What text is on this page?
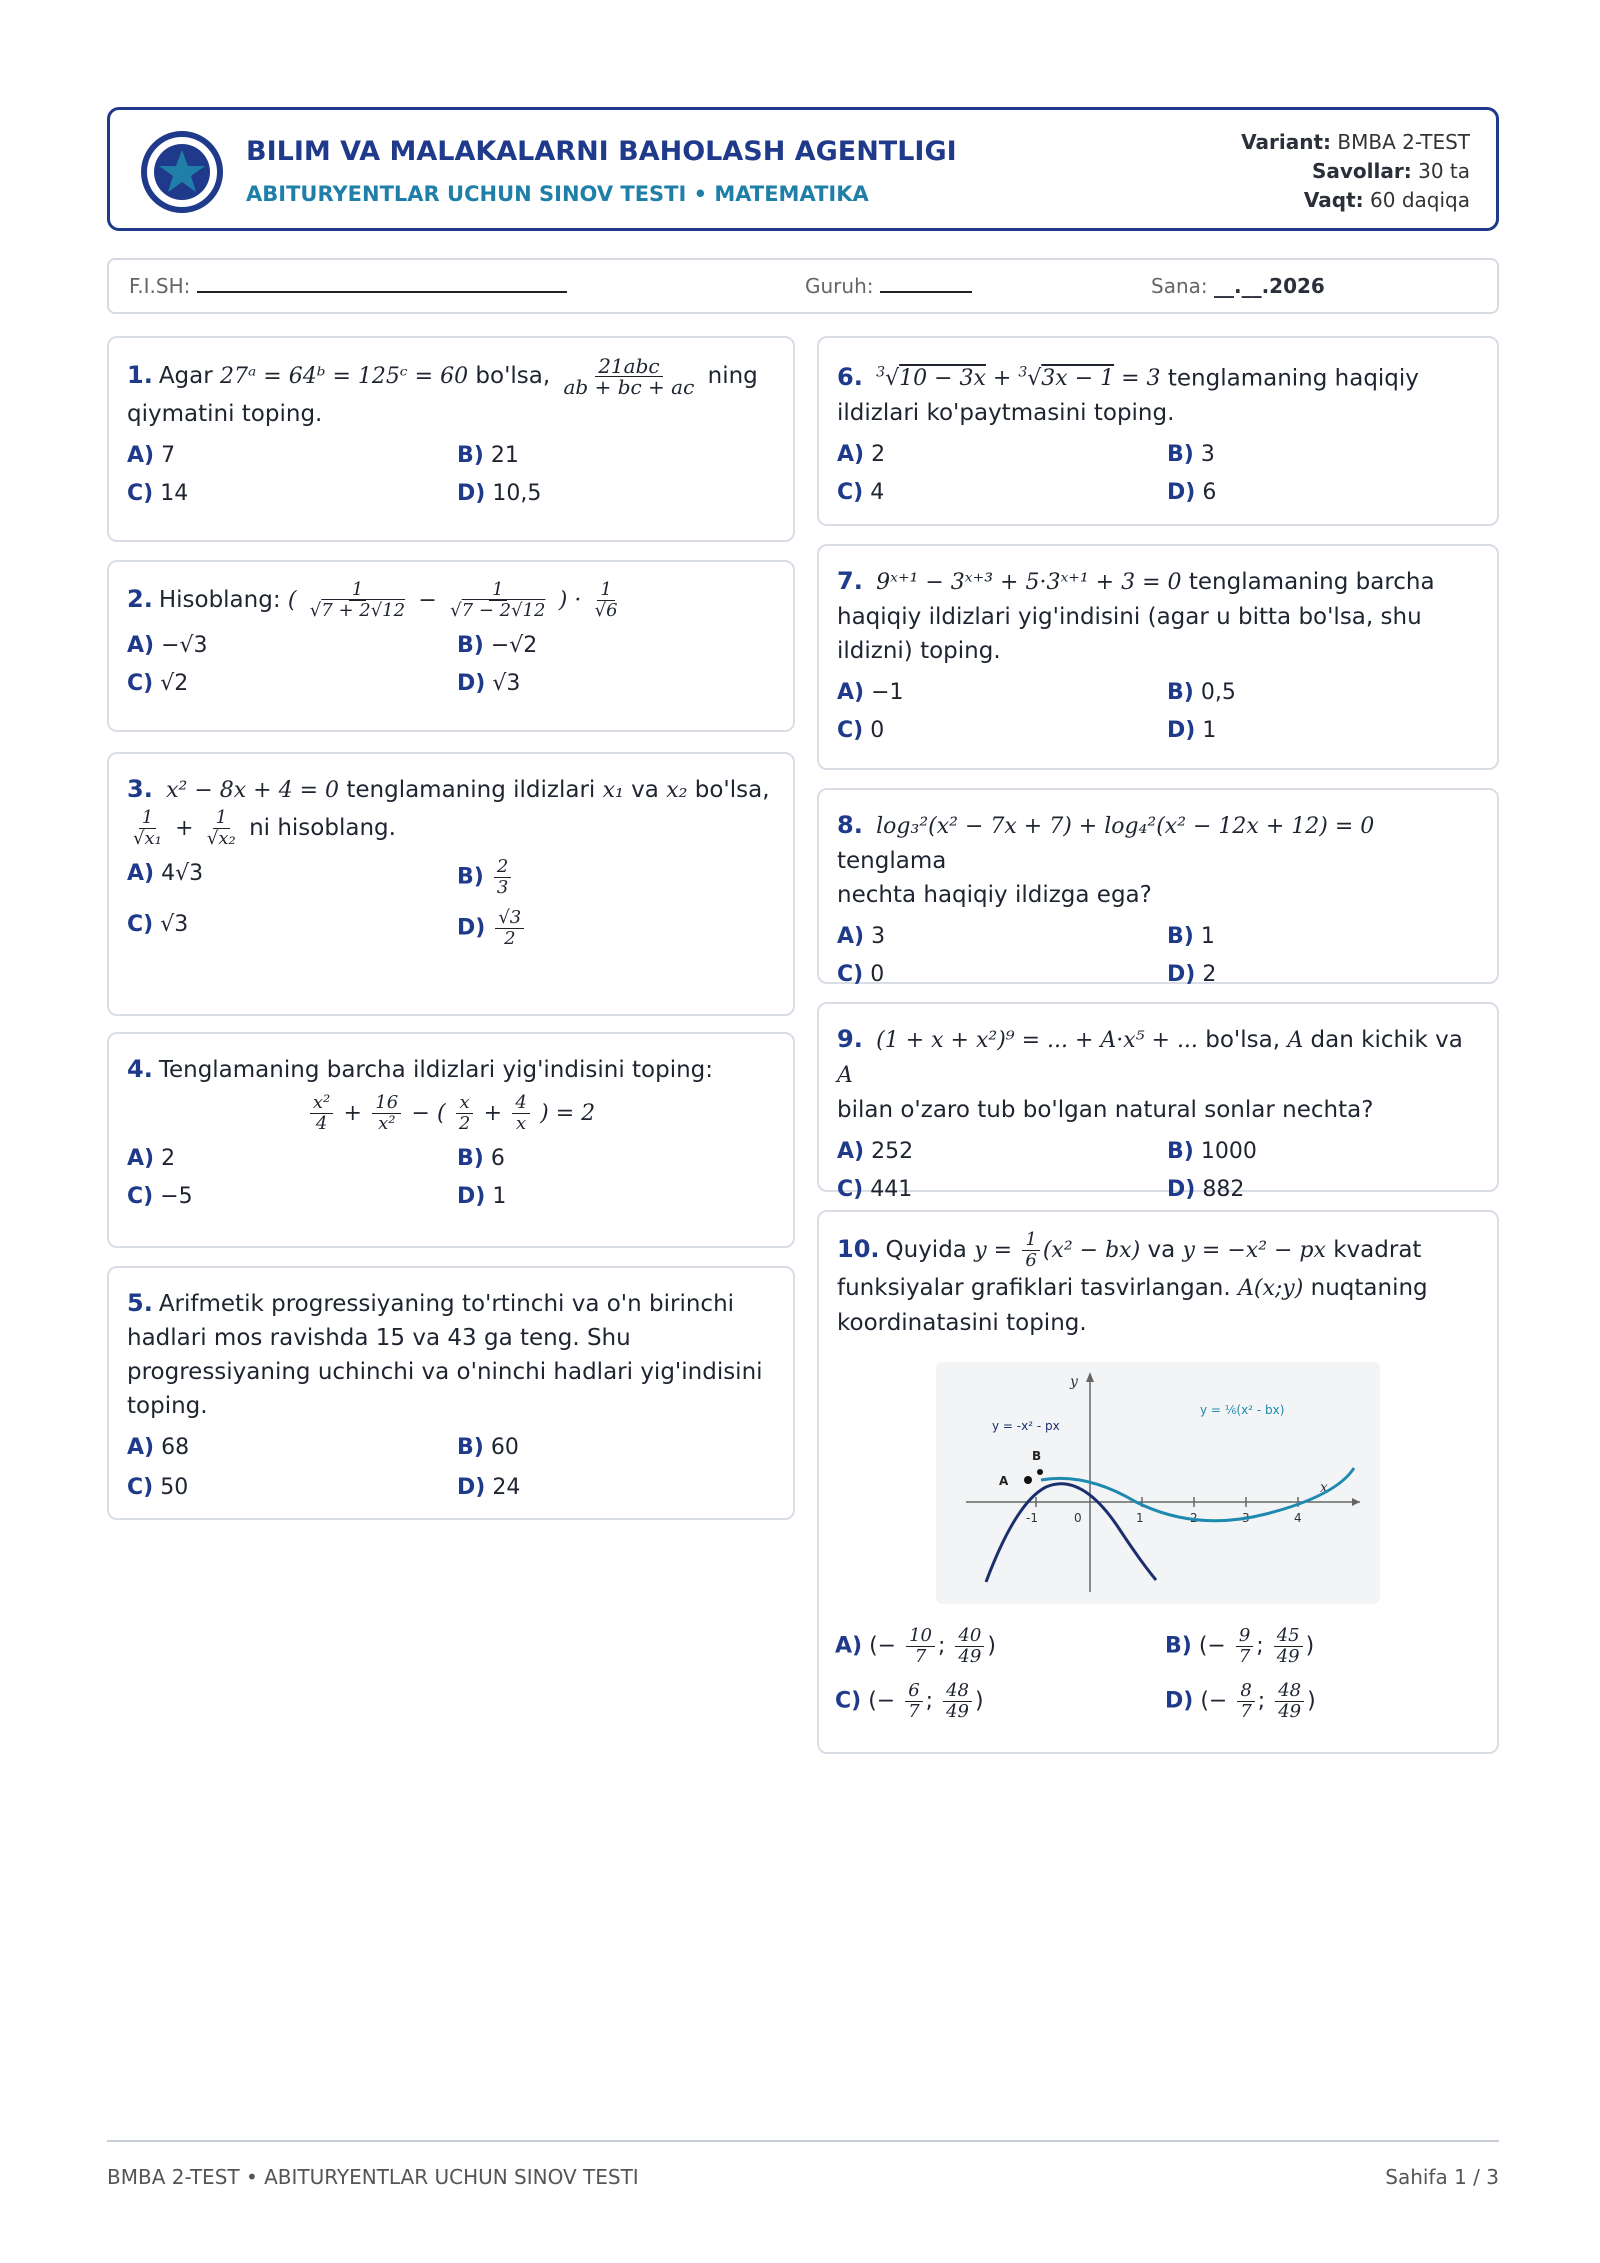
BILIM VA MALAKALARNI BAHOLASH AGENTLIGI
ABITURYENTLAR UCHUN SINOV TESTI • MATEMATIKA
Variant: BMBA 2-TEST
Savollar: 30 ta
Vaqt: 60 daqiqa
F.I.SH:	Guruh:	Sana: __.__.2026
1. Agar 27ᵃ = 64ᵇ = 125ᶜ = 60 bo'lsa, $\frac{\text{21abc}}{ab + bc + ac}$ ning
qiymatini toping.
A) 7	B) 21
C) 14	D) 10,5
2. Hisoblang: ( $\frac{1}{√7 + 2√12} - \frac{1}{√7 - 2√12}$ ) · $\frac{1}{√6}$
A) −√3	B) −√2
C) √2	D) √3
3. x² − 8x + 4 = 0 tenglamaning ildizlari x₁ va x₂ bo'lsa,

$\frac{1}{\text{√x₁}} + \frac{1}{\text{√x₂}}$ ni hisoblang.
A) 4√3	$B) \frac{2}{3}$
C) √3	$D) \frac{√3}{2}$
4. Tenglamaning barcha ildizlari yig'indisini toping:
$\frac{\text{x²}}{4} + \frac{16}{\text{x²}}$ − ( $\frac{x}{2} + \frac{4}{x}$ ) = 2
A) 2	B) 6
C) −5	D) 1
5. Arifmetik progressiyaning to'rtinchi va o'n birinchi hadlari mos ravishda 15 va 43 ga teng. Shu progressiyaning uchinchi va o'ninchi hadlari yig'indisini toping.
A) 68	B) 60
C) 50	D) 24
6. $^3$√10 − 3x + $^3$√3x − 1 = 3 tenglamaning haqiqiy
ildizlari ko'paytmasini toping.
A) 2	B) 3
C) 4	D) 6
7. 9ˣ⁺¹ − 3ˣ⁺³ + 5·3ˣ⁺¹ + 3 = 0 tenglamaning barcha haqiqiy ildizlari yig'indisini (agar u bitta bo'lsa, shu ildizni) toping.
A) −1	B) 0,5
C) 0	D) 1
8. log₃²(x² − 7x + 7) + log₄²(x² − 12x + 12) = 0 tenglama
nechta haqiqiy ildizga ega?
A) 3	B) 1
C) 0	D) 2
9. (1 + x + x²)⁹ = ... + A·x⁵ + ... bo'lsa, A dan kichik va A
bilan o'zaro tub bo'lgan natural sonlar nechta?
A) 252	B) 1000
C) 441	D) 882
10. Quyida $y = \frac{1}{6} (x^2 - bx)$ va y = −x² − px kvadrat
funksiyalar grafiklari tasvirlangan. A(x;y) nuqtaning
koordinatasini toping.
y
x
-1	0	1	2	3	4
A
B
y = -x² - px
y = ⅙(x² - bx)
A) (− $\frac{10}{7}$ ; $\frac{40}{49}$ )	B) (− $\frac{9}{7}$ ; $\frac{45}{49}$ )
C) (− $\frac{6}{7}$ ; $\frac{48}{49}$ )	D) (− $\frac{8}{7}$ ; $\frac{48}{49}$ )
BMBA 2-TEST • ABITURYENTLAR UCHUN SINOV TESTI	Sahifa 1 / 3
